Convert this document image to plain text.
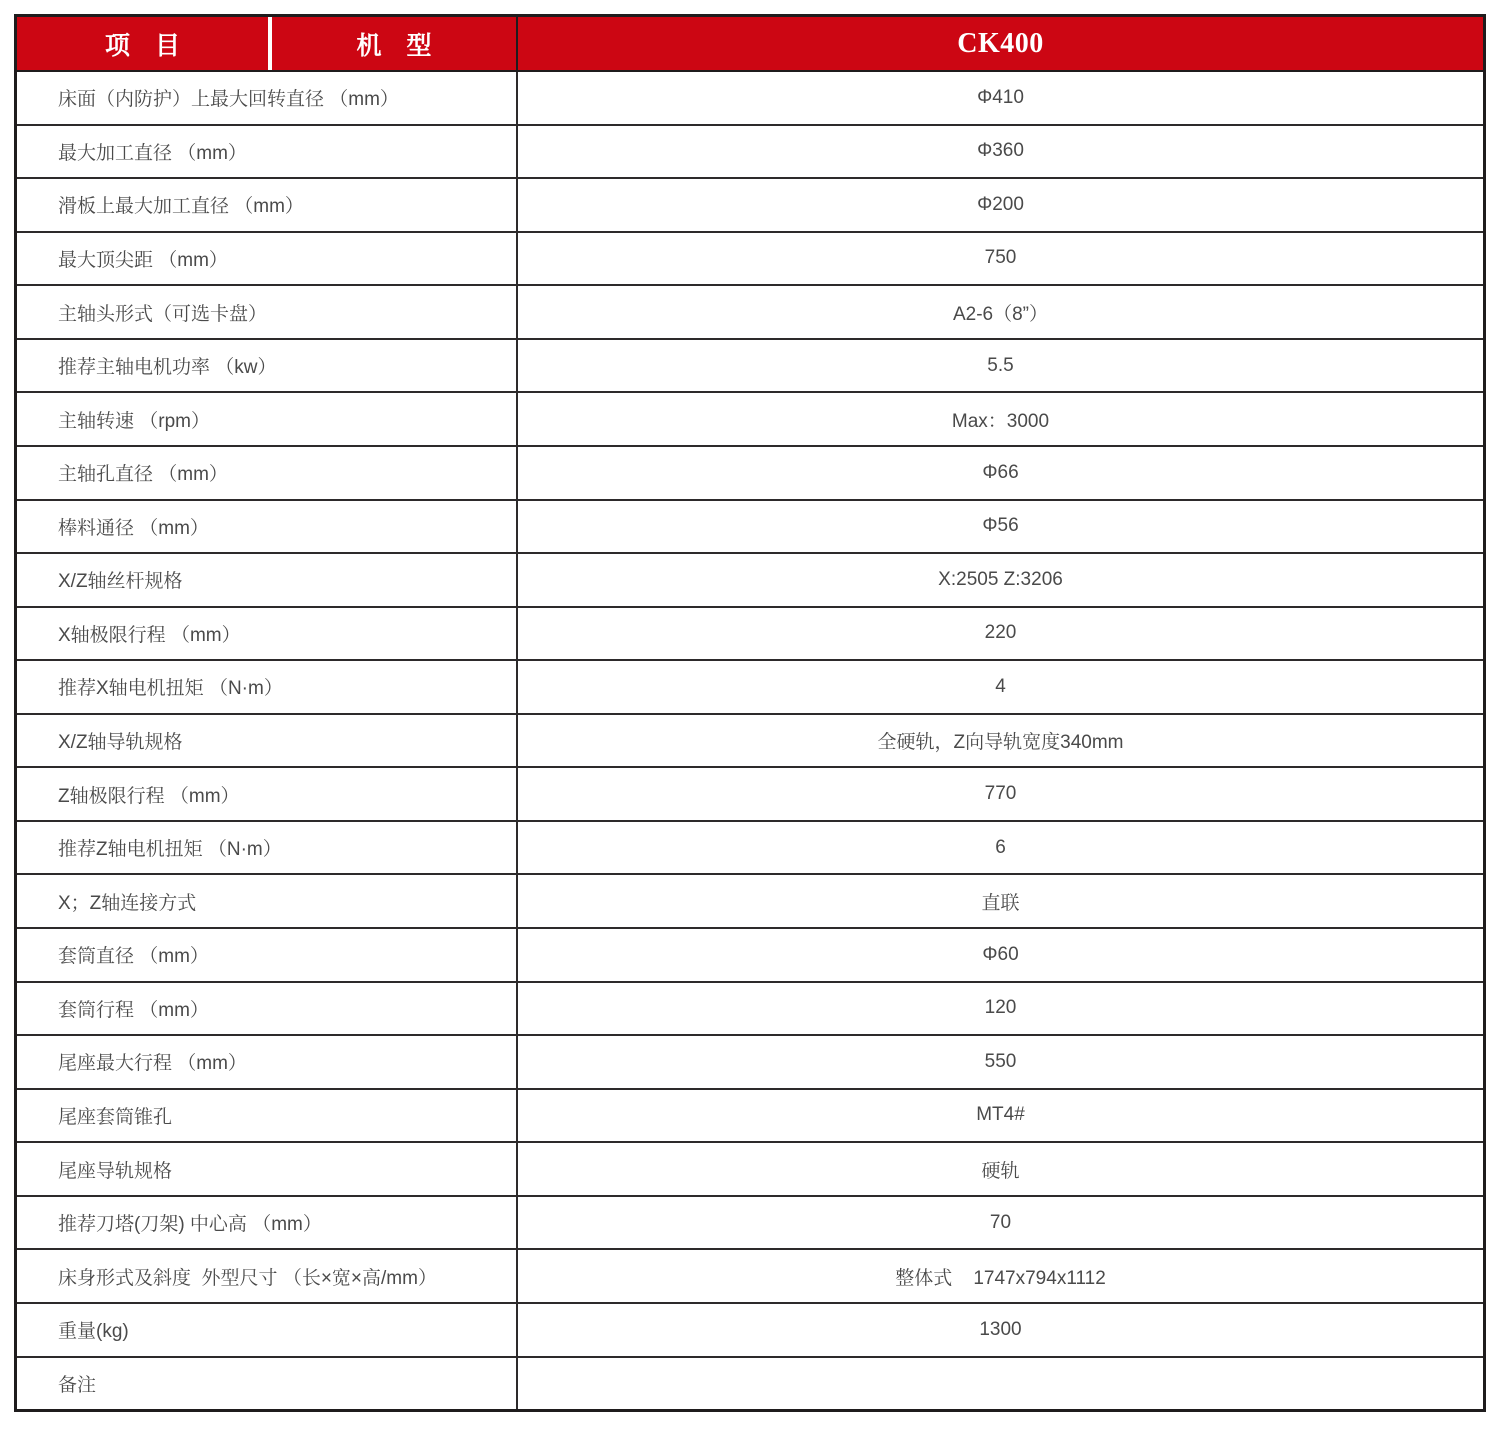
项　目	机　型	CK400
床面（内防护）上最大回转直径 （mm）	Φ410
最大加工直径 （mm）	Φ360
滑板上最大加工直径 （mm）	Φ200
最大顶尖距 （mm）	750
主轴头形式（可选卡盘）	A2-6（8”）
推荐主轴电机功率 （kw）	5.5
主轴转速 （rpm）	Max：3000
主轴孔直径 （mm）	Φ66
棒料通径 （mm）	Φ56
X/Z轴丝杆规格	X:2505 Z:3206
X轴极限行程 （mm）	220
推荐X轴电机扭矩 （N·m）	4
X/Z轴导轨规格	全硬轨，Z向导轨宽度340mm
Z轴极限行程 （mm）	770
推荐Z轴电机扭矩 （N·m）	6
X；Z轴连接方式	直联
套筒直径 （mm）	Φ60
套筒行程 （mm）	120
尾座最大行程 （mm）	550
尾座套筒锥孔	MT4#
尾座导轨规格	硬轨
推荐刀塔(刀架) 中心高 （mm）	70
床身形式及斜度  外型尺寸 （长×宽×高/mm）	整体式    1747x794x1112
重量(kg)	1300
备注
